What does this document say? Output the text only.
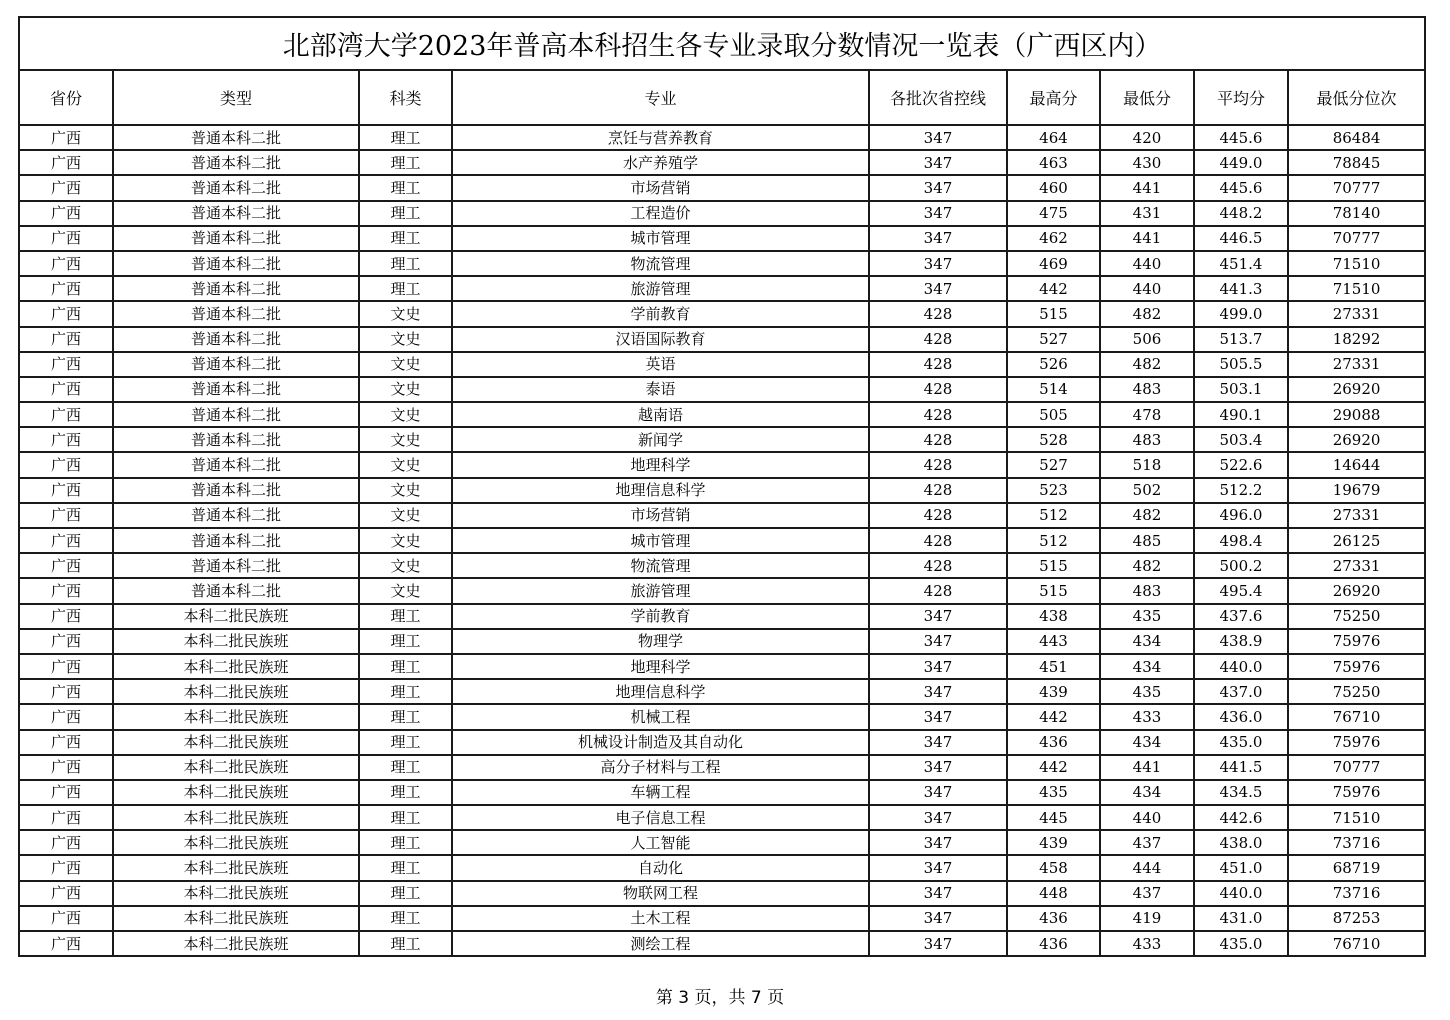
北部湾大学2023年普高本科招生各专业录取分数情况一览表（广西区内）								
省份	类型	科类	专业	各批次省控线	最高分	最低分	平均分	最低分位次
广西	普通本科二批	理工	烹饪与营养教育	347	464	420	445.6	86484
广西	普通本科二批	理工	水产养殖学	347	463	430	449.0	78845
广西	普通本科二批	理工	市场营销	347	460	441	445.6	70777
广西	普通本科二批	理工	工程造价	347	475	431	448.2	78140
广西	普通本科二批	理工	城市管理	347	462	441	446.5	70777
广西	普通本科二批	理工	物流管理	347	469	440	451.4	71510
广西	普通本科二批	理工	旅游管理	347	442	440	441.3	71510
广西	普通本科二批	文史	学前教育	428	515	482	499.0	27331
广西	普通本科二批	文史	汉语国际教育	428	527	506	513.7	18292
广西	普通本科二批	文史	英语	428	526	482	505.5	27331
广西	普通本科二批	文史	泰语	428	514	483	503.1	26920
广西	普通本科二批	文史	越南语	428	505	478	490.1	29088
广西	普通本科二批	文史	新闻学	428	528	483	503.4	26920
广西	普通本科二批	文史	地理科学	428	527	518	522.6	14644
广西	普通本科二批	文史	地理信息科学	428	523	502	512.2	19679
广西	普通本科二批	文史	市场营销	428	512	482	496.0	27331
广西	普通本科二批	文史	城市管理	428	512	485	498.4	26125
广西	普通本科二批	文史	物流管理	428	515	482	500.2	27331
广西	普通本科二批	文史	旅游管理	428	515	483	495.4	26920
广西	本科二批民族班	理工	学前教育	347	438	435	437.6	75250
广西	本科二批民族班	理工	物理学	347	443	434	438.9	75976
广西	本科二批民族班	理工	地理科学	347	451	434	440.0	75976
广西	本科二批民族班	理工	地理信息科学	347	439	435	437.0	75250
广西	本科二批民族班	理工	机械工程	347	442	433	436.0	76710
广西	本科二批民族班	理工	机械设计制造及其自动化	347	436	434	435.0	75976
广西	本科二批民族班	理工	高分子材料与工程	347	442	441	441.5	70777
广西	本科二批民族班	理工	车辆工程	347	435	434	434.5	75976
广西	本科二批民族班	理工	电子信息工程	347	445	440	442.6	71510
广西	本科二批民族班	理工	人工智能	347	439	437	438.0	73716
广西	本科二批民族班	理工	自动化	347	458	444	451.0	68719
广西	本科二批民族班	理工	物联网工程	347	448	437	440.0	73716
广西	本科二批民族班	理工	土木工程	347	436	419	431.0	87253
广西	本科二批民族班	理工	测绘工程	347	436	433	435.0	76710
第 3 页，共 7 页
